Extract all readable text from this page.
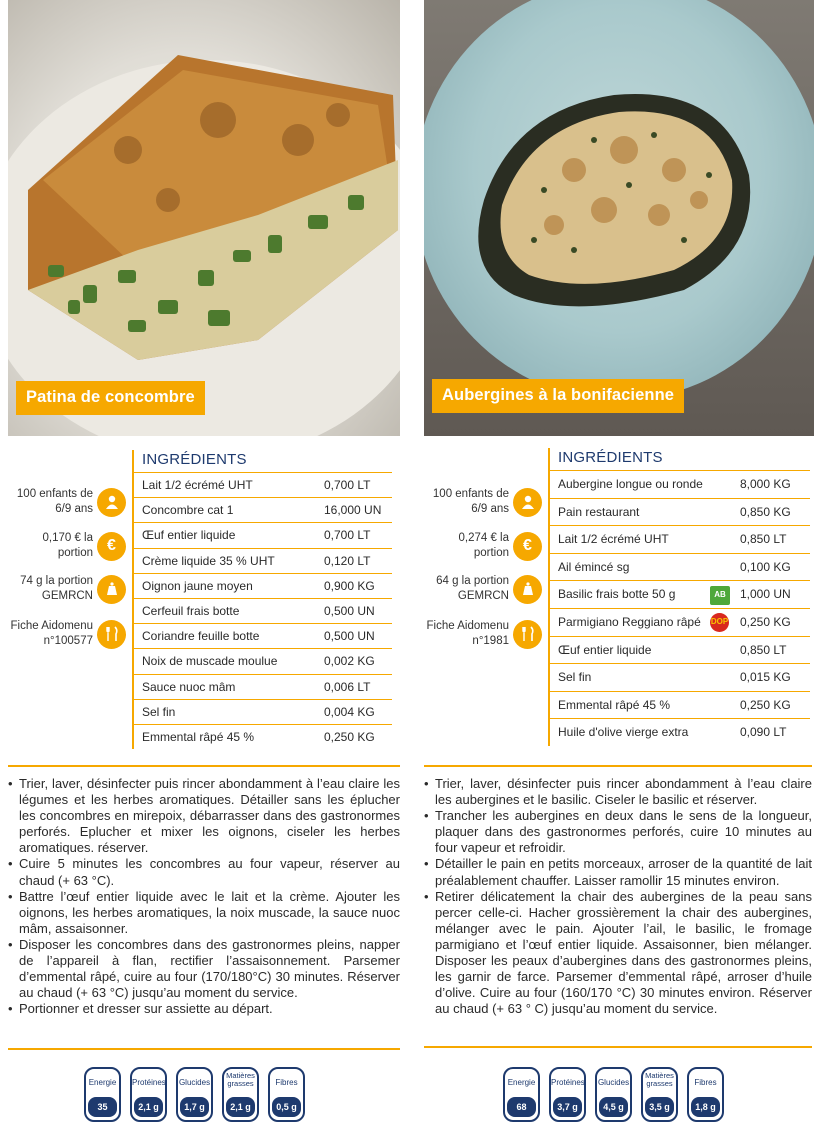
Patina de concombre
100 enfants de 6/9 ans
0,170 € la portion €
74 g la portion GEMRCN
Fiche Aidomenu n°100577
INGRÉDIENTS
Lait 1/2 écrémé UHT	0,700 LT
Concombre cat 1	16,000 UN
Œuf entier liquide	0,700 LT
Crème liquide 35 % UHT	0,120 LT
Oignon jaune moyen	0,900 KG
Cerfeuil frais botte	0,500 UN
Coriandre feuille botte	0,500 UN
Noix de muscade moulue	0,002 KG
Sauce nuoc mâm	0,006 LT
Sel fin	0,004 KG
Emmental râpé 45 %	0,250 KG
• Trier, laver, désinfecter puis rincer abondamment à l’eau claire les légumes et les herbes aromatiques. Détailler sans les éplucher les concombres en mirepoix, débarrasser dans des gastronormes perforés. Eplucher et mixer les oignons, ciseler les herbes aromatiques. réserver.
• Cuire 5 minutes les concombres au four vapeur, réserver au chaud (+ 63 °C).
• Battre l’œuf entier liquide avec le lait et la crème. Ajouter les oignons, les herbes aromatiques, la noix muscade, la sauce nuoc mâm, assaisonner.
• Disposer les concombres dans des gastronormes pleins, napper de l’appareil à flan, rectifier l’assaisonnement. Parsemer d’emmental râpé, cuire au four (170/180°C) 30 minutes. Réserver au chaud (+ 63 °C) jusqu’au moment du service.
• Portionner et dresser sur assiette au départ.
Energie
35 kcal
Protéines
2,1 g
Glucides
1,7 g
Matières grasses
2,1 g
Fibres
0,5 g
Aubergines à la bonifacienne
100 enfants de 6/9 ans
0,274 € la portion €
64 g la portion GEMRCN
Fiche Aidomenu n°1981
INGRÉDIENTS
Aubergine longue ou ronde	8,000 KG
Pain restaurant	0,850 KG
Lait 1/2 écrémé UHT	0,850 LT
Ail émincé sg	0,100 KG
Basilic frais botte 50 g	AB	1,000 UN
Parmigiano Reggiano râpé DOP 0,250 KG
Œuf entier liquide	0,850 LT
Sel fin	0,015 KG
Emmental râpé 45 %	0,250 KG
Huile d'olive vierge extra	0,090 LT
• Trier, laver, désinfecter puis rincer abondamment à l’eau claire les aubergines et le basilic. Ciseler le basilic et réserver.
• Trancher les aubergines en deux dans le sens de la longueur, plaquer dans des gastronormes perforés, cuire 10 minutes au four vapeur et refroidir.
• Détailler le pain en petits morceaux, arroser de la quantité de lait préalablement chauffer. Laisser ramollir 15 minutes environ.
• Retirer délicatement la chair des aubergines de la peau sans percer celle-ci. Hacher grossièrement la chair des aubergines, mélanger avec le pain. Ajouter l’ail, le basilic, le fromage parmigiano et l’œuf entier liquide. Assaisonner, bien mélanger. Disposer les peaux d’aubergines dans des gastronormes pleins, les garnir de farce. Parsemer d’emmental râpé, arroser d’huile d’olive. Cuire au four (160/170 °C) 30 minutes environ. Réserver au chaud (+ 63 ° C) jusqu’au moment du service.
Energie
68 kcal
Protéines
3,7 g
Glucides
4,5 g
Matières grasses
3,5 g
Fibres
1,8 g
